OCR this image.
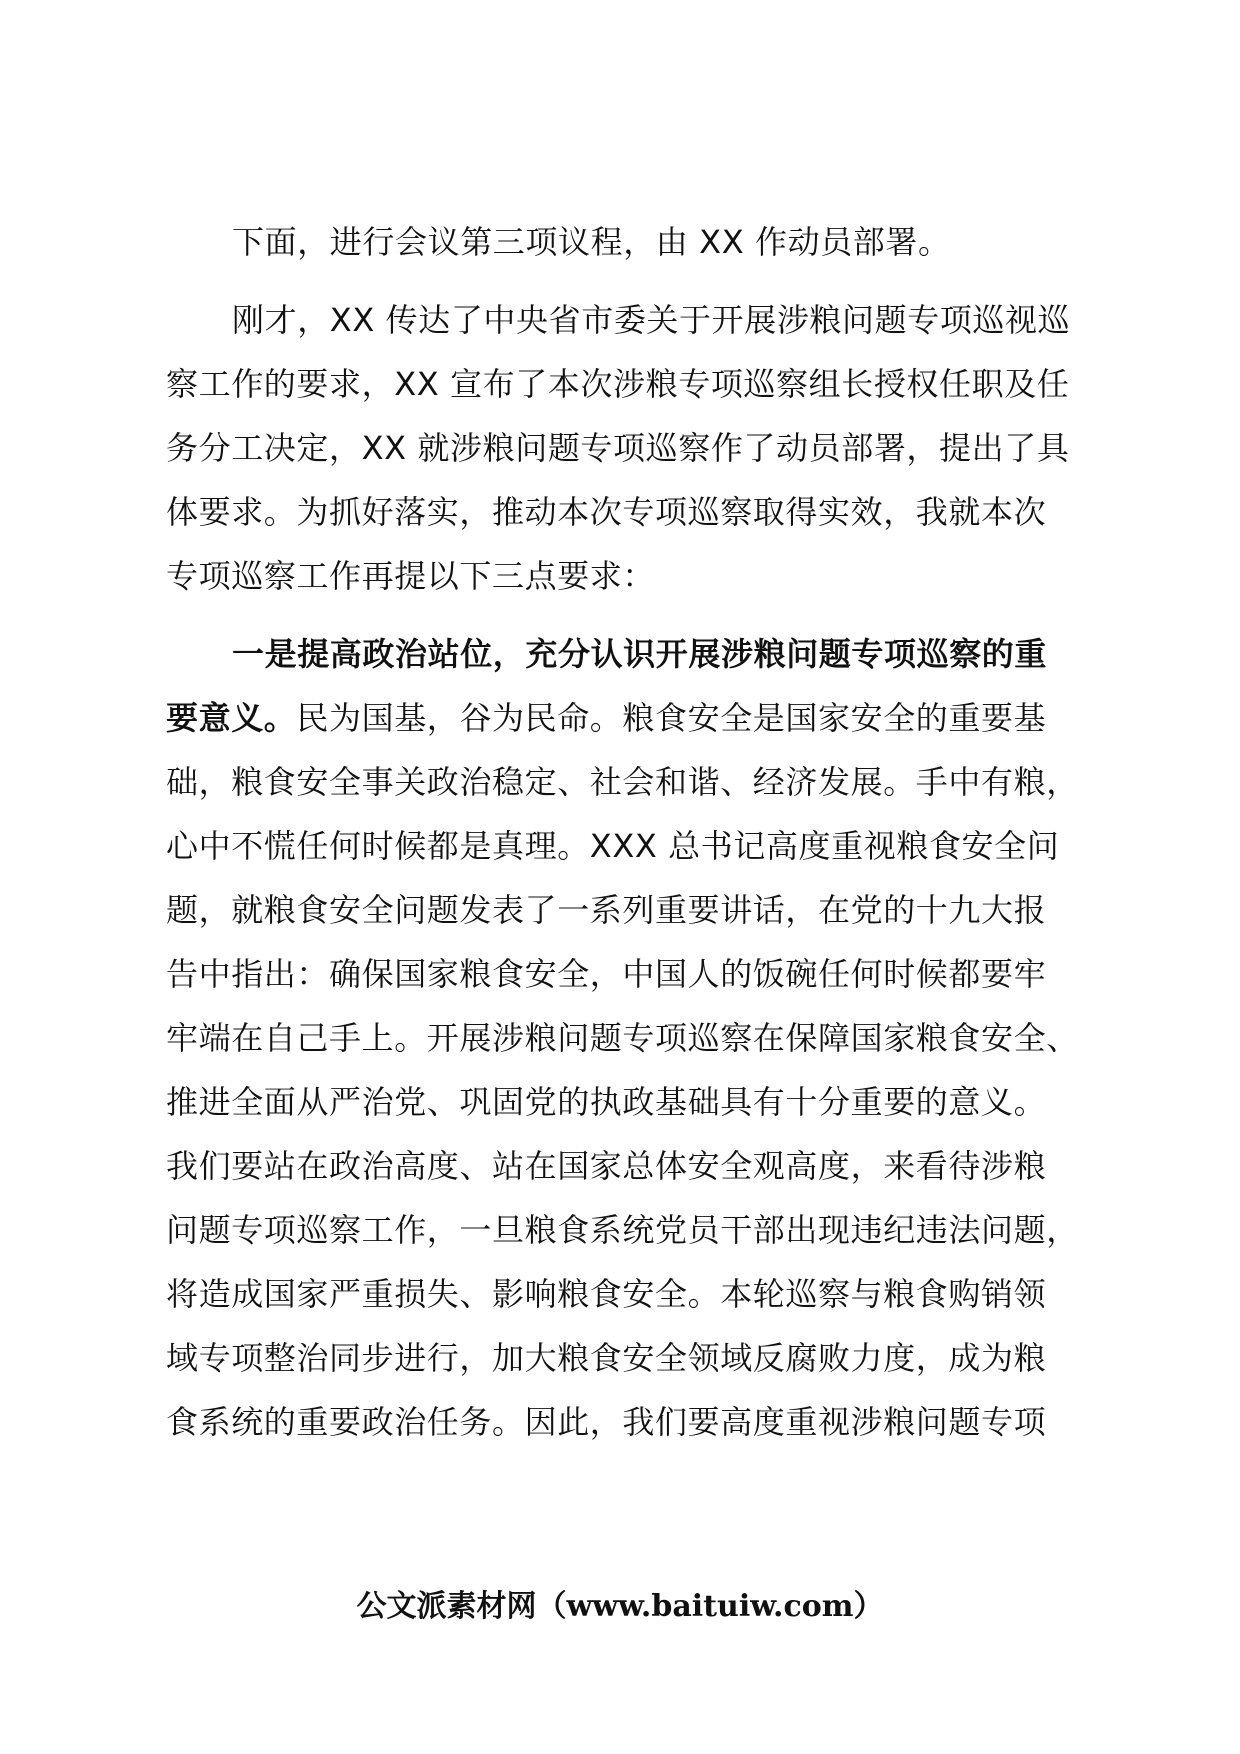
下面，进行会议第三项议程，由 XX 作动员部署。
刚才，XX 传达了中央省市委关于开展涉粮问题专项巡视巡
察工作的要求，XX 宣布了本次涉粮专项巡察组长授权任职及任
务分工决定，XX 就涉粮问题专项巡察作了动员部署，提出了具
体要求。为抓好落实，推动本次专项巡察取得实效，我就本次
专项巡察工作再提以下三点要求：
一是提高政治站位，充分认识开展涉粮问题专项巡察的重
要意义。民为国基，谷为民命。粮食安全是国家安全的重要基
础，粮食安全事关政治稳定、社会和谐、经济发展。手中有粮，
心中不慌任何时候都是真理。XXX 总书记高度重视粮食安全问
题，就粮食安全问题发表了一系列重要讲话，在党的十九大报
告中指出：确保国家粮食安全，中国人的饭碗任何时候都要牢
牢端在自己手上。开展涉粮问题专项巡察在保障国家粮食安全、
推进全面从严治党、巩固党的执政基础具有十分重要的意义。
我们要站在政治高度、站在国家总体安全观高度，来看待涉粮
问题专项巡察工作，一旦粮食系统党员干部出现违纪违法问题，
将造成国家严重损失、影响粮食安全。本轮巡察与粮食购销领
域专项整治同步进行，加大粮食安全领域反腐败力度，成为粮
食系统的重要政治任务。因此，我们要高度重视涉粮问题专项
公文派素材网（www.baituiw.com）
